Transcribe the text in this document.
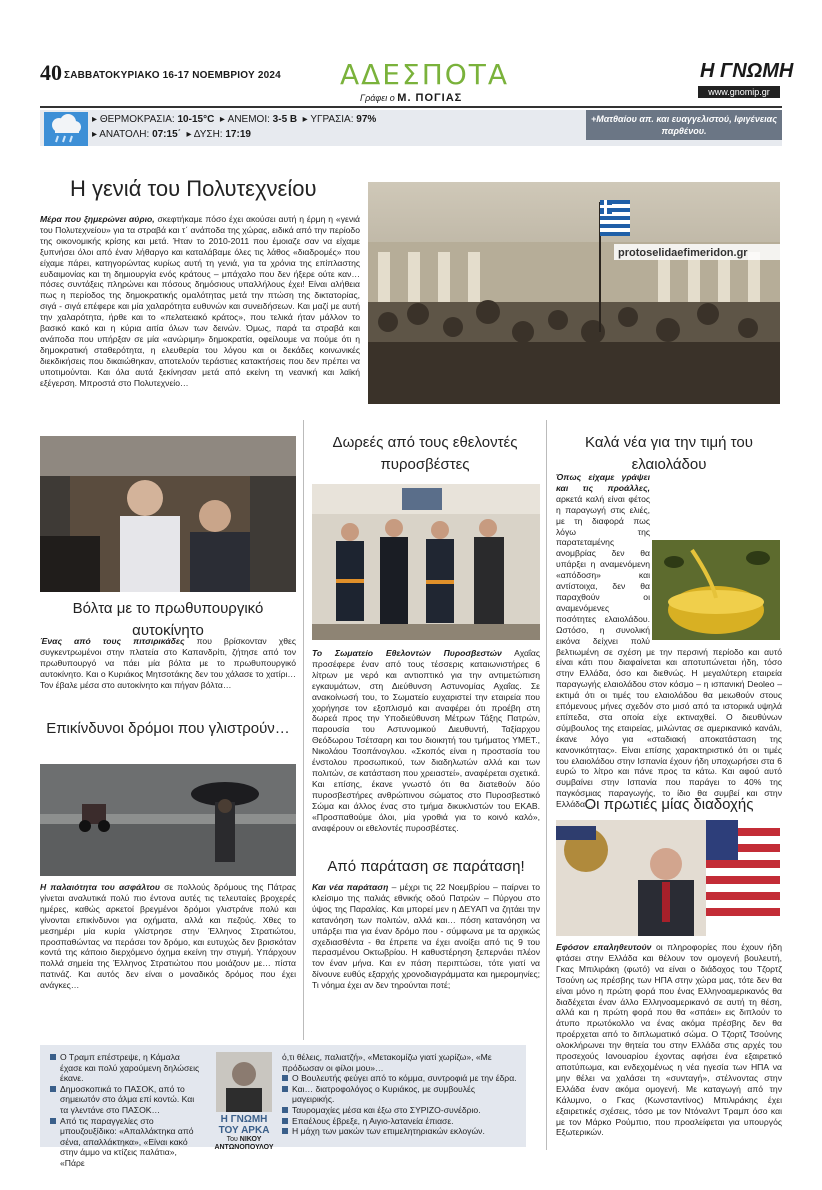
40 ΣΑΒΒΑΤΟΚΥΡΙΑΚΟ 16-17 ΝΟΕΜΒΡΙΟΥ 2024 ΑΔΕΣΠΟΤΑ
Γράφει ο Μ. ΠΟΓΙΑΣ
Η ΓΝΩΜΗ
www.gnomip.gr
▸ ΘΕΡΜΟΚΡΑΣΙΑ: 10-15°C  ▸ ΑΝΕΜΟΙ: 3-5 Β  ▸ ΥΓΡΑΣΙΑ: 97%
▸ ΑΝΑΤΟΛΗ: 07:15΄  ▸ ΔΥΣΗ: 17:19
+Ματθαίου απ. και ευαγγελιστού, Ιφιγένειας παρθένου.
Η γενιά του Πολυτεχνείου
Μέρα που ξημερώνει αύριο, σκεφτήκαμε πόσο έχει ακούσει αυτή η έρμη η «γενιά του Πολυτεχνείου» για τα στραβά και τ΄ ανάποδα της χώρας, ειδικά από την περίοδο της οικονομικής κρίσης και μετά. Ήταν το 2010-2011 που έμοιαζε σαν να είχαμε ξυπνήσει όλοι από έναν λήθαργο και καταλάβαμε όλες τις λάθος «διαδρομές» που είχαμε πάρει, κατηγορώντας κυρίως αυτή τη γενιά, για τα χρόνια της επίπλαστης ευδαιμονίας και τη δημιουργία ενός κράτους – μπάχαλο που δεν ήξερε ούτε καν… πόσες συντάξεις πληρώνει και πόσους δημόσιους υπαλλήλους έχει! Είναι αλήθεια πως η περίοδος της δημοκρατικής ομαλότητας μετά την πτώση της δικτατορίας, σιγά - σιγά επέφερε και μία χαλαρότητα ευθυνών και συνειδήσεων. Και μαζί με αυτή την χαλαρότητα, ήρθε και το «πελατειακό κράτος», που τελικά ήταν μάλλον το βασικό κακό και η κύρια αιτία όλων των δεινών. Όμως, παρά τα στραβά και ανάποδα που υπήρξαν σε μία «ανώριμη» δημοκρατία, οφείλουμε να πούμε ότι η δημοκρατική σταθερότητα, η ελευθερία του λόγου και οι δεκάδες κοινωνικές διεκδικήσεις που δικαιώθηκαν, αποτελούν τεράστιες κατακτήσεις που δεν πρέπει να υποτιμούνται. Και όλα αυτά ξεκίνησαν μετά από εκείνη τη νεανική και λαϊκή εξέγερση. Μπροστά στο Πολυτεχνείο…
protoselidaefimeridon.gr
Βόλτα με το πρωθυπουργικό αυτοκίνητο
Ένας από τους πιτσιρικάδες που βρίσκονταν χθες συγκεντρωμένοι στην πλατεία στο Καπανδρίτι, ζήτησε από τον πρωθυπουργό να πάει μία βόλτα με το πρωθυπουργικό αυτοκίνητο. Και ο Κυριάκος Μητσοτάκης δεν του χάλασε το χατίρι… Τον έβαλε μέσα στο αυτοκίνητο και πήγαν βόλτα…
Επικίνδυνοι δρόμοι που γλιστρούν…
Η παλαιότητα του ασφάλτου σε πολλούς δρόμους της Πάτρας γίνεται αναλυτικά πολύ πιο έντονα αυτές τις τελευταίες βροχερές ημέρες, καθώς αρκετοί βρεγμένοι δρόμοι γλιστράνε πολύ και γίνονται επικίνδυνοι για οχήματα, αλλά και πεζούς. Χθες το μεσημέρι μία κυρία γλίστρησε στην Έλληνος Στρατιώτου, προσπαθώντας να περάσει τον δρόμο, και ευτυχώς δεν βρισκόταν κοντά της κάποιο διερχόμενο όχημα εκείνη την στιγμή. Υπάρχουν πολλά σημεία της Έλληνος Στρατιώτου που μοιάζουν με… πίστα πατινάζ. Και αυτός δεν είναι ο μοναδικός δρόμος που έχει ανάγκες…
Δωρεές από τους εθελοντές πυροσβέστες
Το Σωματείο Εθελοντών Πυροσβεστών Αχαΐας προσέφερε έναν από τους τέσσερις καταιωνιστήρες 6 λίτρων με νερό και αντιοπτικό για την αντιμετώπιση εγκαυμάτων, στη Διεύθυνση Αστυνομίας Αχαΐας. Σε ανακοίνωσή του, το Σωματείο ευχαριστεί την εταιρεία που χορήγησε τον εξοπλισμό και αναφέρει ότι προέβη στη δωρεά προς την Υποδιεύθυνση Μέτρων Τάξης Πατρών, παρουσία του Αστυνομικού Διευθυντή, Ταξίαρχου Θεόδωρου Τσέτσαρη και του διοικητή του τμήματος ΥΜΕΤ., Νικολάου Τσοπάνογλου. «Σκοπός είναι η προστασία του ένστολου προσωπικού, των διαδηλωτών αλλά και των πολιτών, σε κατάσταση που χρειαστεί», αναφέρεται σχετικά. Και επίσης, έκανε γνωστό ότι θα διατεθούν δύο πυροσβεστήρες ανθρώπινου σώματος στο Πυροσβεστικό Σώμα και άλλος ένας στο τμήμα δικυκλιστών του ΕΚΑΒ. «Προσπαθούμε όλοι, μία γροθιά για το κοινό καλό», αναφέρουν οι εθελοντές πυροσβέστες.
Από παράταση σε παράταση!
Και νέα παράταση – μέχρι τις 22 Νοεμβρίου – παίρνει το κλείσιμο της παλιάς εθνικής οδού Πατρών – Πύργου στο ύψος της Παραλίας. Και μπορεί μεν η ΔΕΥΑΠ να ζητάει την κατανόηση των πολιτών, αλλά και… πόση κατανόηση να υπάρξει πια για έναν δρόμο που - σύμφωνα με τα αρχικώς σχεδιασθέντα - θα έπρεπε να έχει ανοίξει από τις 9 του περασμένου Οκτωβρίου. Η καθυστέρηση ξεπερνάει πλέον τον έναν μήνα. Και εν πάση περιπτώσει, τότε γιατί να δίνουνε ευθύς εξαρχής χρονοδιαγράμματα και ημερομηνίες; Τι νόημα έχει αν δεν τηρούνται ποτέ;
Καλά νέα για την τιμή του ελαιολάδου
Όπως είχαμε γράψει και τις προάλλες, αρκετά καλή είναι φέτος η παραγωγή στις ελιές, με τη διαφορά πως λόγω της παρατεταμένης ανομβρίας δεν θα υπάρξει η αναμενόμενη «απόδοση» και αντίστοιχα, δεν θα παραχθούν οι αναμενόμενες ποσότητες ελαιολάδου. Ωστόσο, η συνολική εικόνα δείχνει πολύ βελτιωμένη σε σχέση με την περσινή περίοδο και αυτό είναι κάτι που διαφαίνεται και αποτυπώνεται ήδη, τόσο στην Ελλάδα, όσο και διεθνώς. Η μεγαλύτερη εταιρεία παραγωγής ελαιολάδου στον κόσμο – η ισπανική Deoleo – εκτιμά ότι οι τιμές του ελαιολάδου θα μειωθούν στους επόμενους μήνες σχεδόν στο μισό από τα ιστορικά υψηλά επίπεδα, στα οποία είχε εκτιναχθεί. Ο διευθύνων σύμβουλος της εταιρείας, μιλώντας σε αμερικανικό κανάλι, έκανε λόγο για «σταδιακή αποκατάσταση της κανονικότητας». Είναι επίσης χαρακτηριστικό ότι οι τιμές του ελαιολάδου στην Ισπανία έχουν ήδη υποχωρήσει στα 6 ευρώ το λίτρο και πάνε προς τα κάτω. Και αφού αυτό συμβαίνει στην Ισπανία που παράγει το 40% της παγκόσμιας παραγωγής, το ίδιο θα συμβεί και στην Ελλάδα…
Οι πρωτιές μίας διαδοχής
Εφόσον επαληθευτούν οι πληροφορίες που έχουν ήδη φτάσει στην Ελλάδα και θέλουν τον ομογενή βουλευτή, Γκας Μπιλιράκη (φωτό) να είναι ο διάδοχος του Τζορτζ Τσούνη ως πρέσβης των ΗΠΑ στην χώρα μας, τότε δεν θα είναι μόνο η πρώτη φορά που ένας Ελληνοαμερικανός θα διαδέχεται έναν άλλο Ελληνοαμερικανό σε αυτή τη θέση, αλλά και η πρώτη φορά που θα «σπάει» εις διπλούν το άτυπο πρωτόκολλο να ένας ακόμα πρέσβης δεν θα προέρχεται από το διπλωματικό σώμα. Ο Τζορτζ Τσούνης ολοκλήρωνει την θητεία του στην Ελλάδα στις αρχές του προσεχούς Ιανουαρίου έχοντας αφήσει ένα εξαιρετικό αποτύπωμα, και ενδεχομένως η νέα ηγεσία των ΗΠΑ να μην θέλει να χαλάσει τη «συνταγή», στέλνοντας στην Ελλάδα έναν ακόμα ομογενή. Με καταγωγή από την Κάλυμνο, ο Γκας (Κωνσταντίνος) Μπιλιράκης έχει εξαιρετικές σχέσεις, τόσο με τον Ντόναλντ Τραμπ όσο και με τον Μάρκο Ρούμπιο, που προαλείφεται για υπουργός Εξωτερικών.
Ο Τραμπ επέστρεψε, η Κάμαλα έχασε και πολύ χαρούμενη δηλώσεις έκανε.
Δημοσκοπικά το ΠΑΣΟΚ, από το σημειωτόν στο άλμα επί κοντώ. Και τα γλεντάνε στο ΠΑΣΟΚ…
Από τις παραγγελίες στο μπουζουξίδικο: «Απαλλάκτηκα από σένα, απαλλάκτηκα», «Είναι κακό στην άμμο να κτίζεις παλάτια», «Πάρε
Η ΓΝΩΜΗ ΤΟΥ ΑΡΚΑ
Του ΝΙΚΟΥ ΑΝΤΩΝΟΠΟΥΛΟΥ

ό,τι θέλεις, παλιατζή», «Μετακομίζω γιατί χωρίζω», «Με πρόδωσαν οι φίλοι μου»…

Ο Βουλευτής φεύγει από το κόμμα, συντροφιά με την έδρα.
Και… διατροφολόγος ο Κυριάκος, με συμβουλές μαγειρικής.
Ταυρομαχίες μέσα και έξω στο ΣΥΡΙΖΟ-συνέδριο.
Επαέλους έβρεξε, η Αιγιο-λατανεία έπιασε.
Η μάχη των μακών των επιμελητηριακών εκλογών.
